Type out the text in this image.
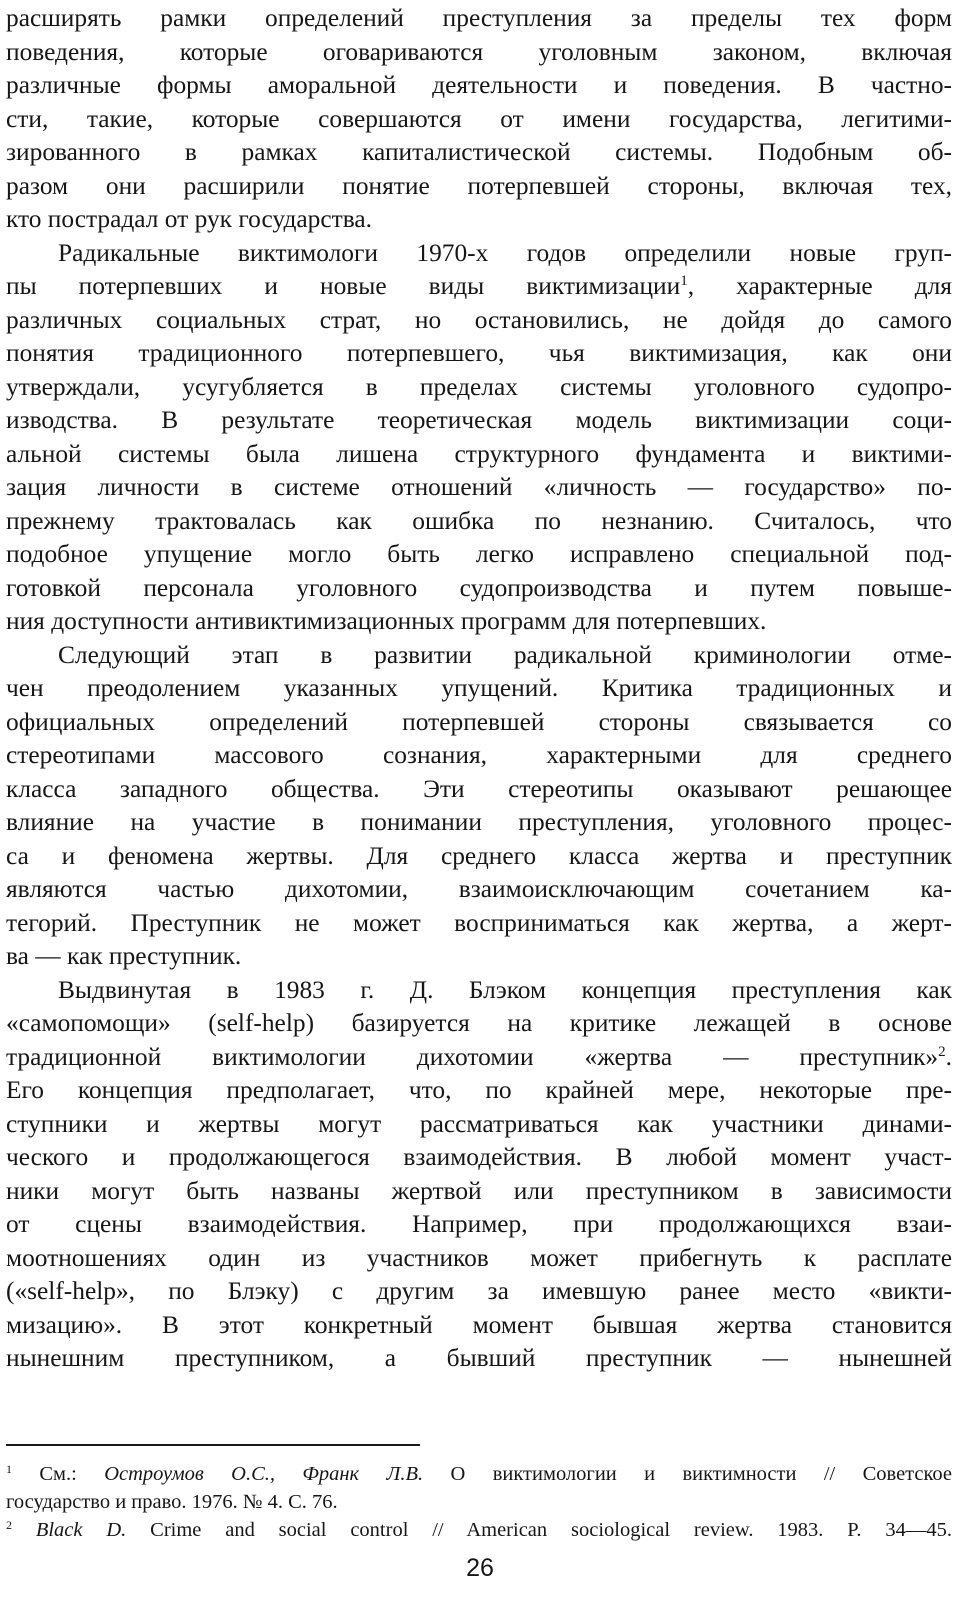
расширять рамки определений преступления за пределы тех форм
поведения, которые оговариваются уголовным законом, включая
различные формы аморальной деятельности и поведения. В частно-
сти, такие, которые совершаются от имени государства, легитими-
зированного в рамках капиталистической системы. Подобным об-
разом они расширили понятие потерпевшей стороны, включая тех,
кто пострадал от рук государства.
Радикальные виктимологи 1970-х годов определили новые груп-
пы потерпевших и новые виды виктимизации$^1$, характерные для
различных социальных страт, но остановились, не дойдя до самого
понятия традиционного потерпевшего, чья виктимизация, как они
утверждали, усугубляется в пределах системы уголовного судопро-
изводства. В результате теоретическая модель виктимизации соци-
альной системы была лишена структурного фундамента и виктими-
зация личности в системе отношений «личность — государство» по-
прежнему трактовалась как ошибка по незнанию. Считалось, что
подобное упущение могло быть легко исправлено специальной под-
готовкой персонала уголовного судопроизводства и путем повыше-
ния доступности антивиктимизационных программ для потерпевших.
Следующий этап в развитии радикальной криминологии отме-
чен преодолением указанных упущений. Критика традиционных и
официальных определений потерпевшей стороны связывается со
стереотипами массового сознания, характерными для среднего
класса западного общества. Эти стереотипы оказывают решающее
влияние на участие в понимании преступления, уголовного процес-
са и феномена жертвы. Для среднего класса жертва и преступник
являются частью дихотомии, взаимоисключающим сочетанием ка-
тегорий. Преступник не может восприниматься как жертва, а жерт-
ва — как преступник.
Выдвинутая в 1983 г. Д. Блэком концепция преступления как
«самопомощи» (self-help) базируется на критике лежащей в основе
традиционной виктимологии дихотомии «жертва — преступник»$^2$.
Его концепция предполагает, что, по крайней мере, некоторые пре-
ступники и жертвы могут рассматриваться как участники динами-
ческого и продолжающегося взаимодействия. В любой момент участ-
ники могут быть названы жертвой или преступником в зависимости
от сцены взаимодействия. Например, при продолжающихся взаи-
моотношениях один из участников может прибегнуть к расплате
(«self-help», по Блэку) с другим за имевшую ранее место «викти-
мизацию». В этот конкретный момент бывшая жертва становится
нынешним преступником, а бывший преступник — нынешней
$^1$ См.: Остроумов О.С., Франк Л.В. О виктимологии и виктимности // Советское
государство и право. 1976. № 4. С. 76.
$^2$ Black D. Crime and social control // American sociological review. 1983. P. 34—45.
26
